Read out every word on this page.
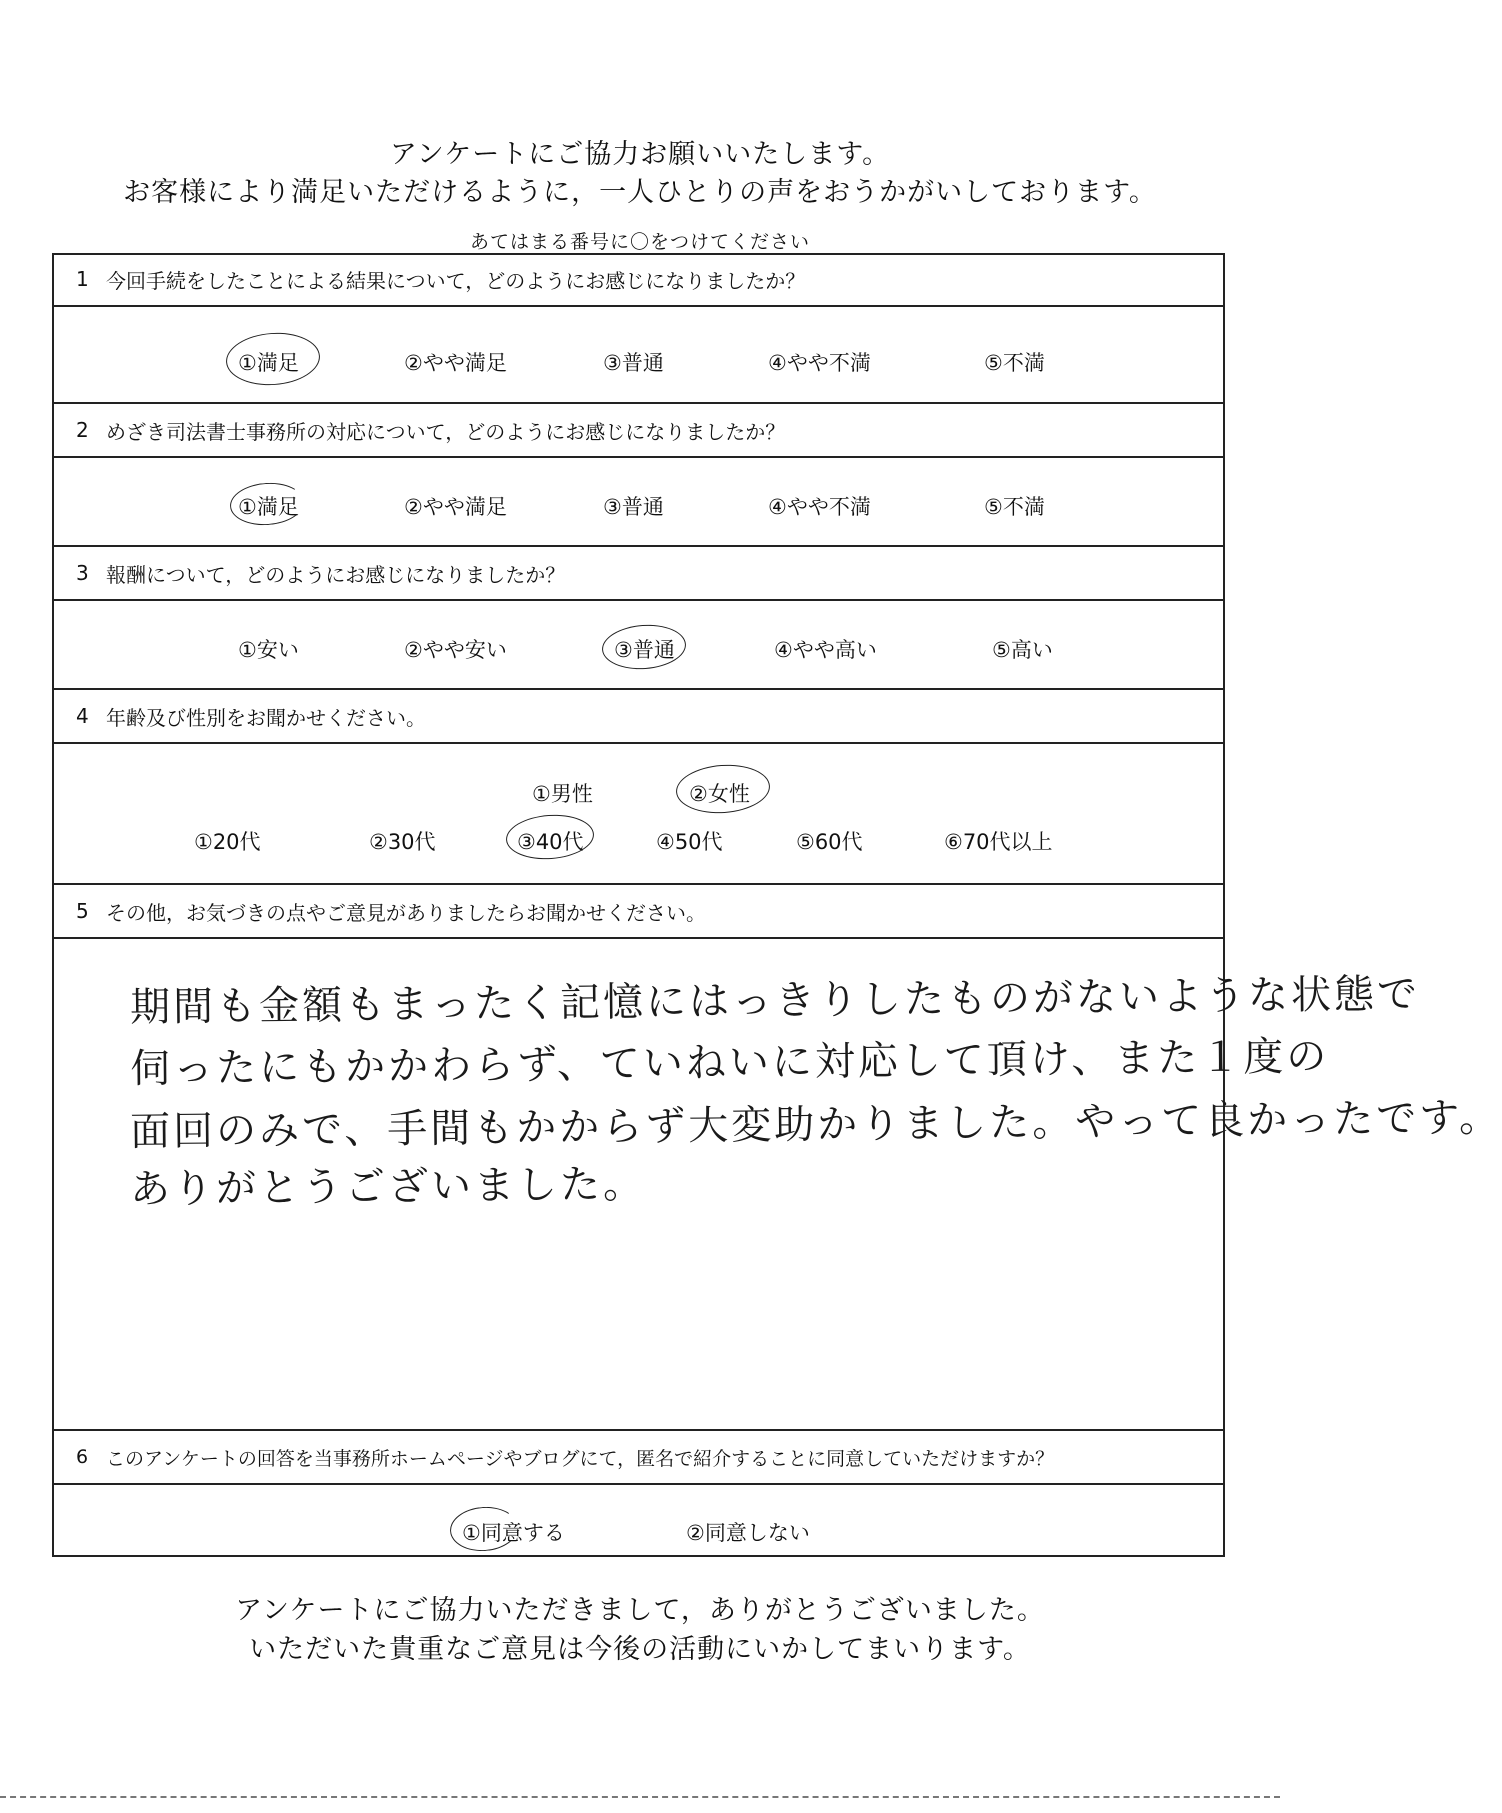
アンケートにご協力お願いいたします。
お客様により満足いただけるように，一人ひとりの声をおうかがいしております。
あてはまる番号に〇をつけてください
1 今回手続をしたことによる結果について，どのようにお感じになりましたか？
①満足	②やや満足	③普通	④やや不満	⑤不満
2 めざき司法書士事務所の対応について，どのようにお感じになりましたか？
①満足	②やや満足	③普通	④やや不満	⑤不満
3 報酬について，どのようにお感じになりましたか？
①安い	②やや安い	③普通	④やや高い	⑤高い
4 年齢及び性別をお聞かせください。
①男性	②女性
①20代	②30代	③40代	④50代	⑤60代	⑥70代以上
5 その他，お気づきの点やご意見がありましたらお聞かせください。
期間も金額もまったく記憶にはっきりしたものがないような状態で
伺ったにもかかわらず、ていねいに対応して頂け、また１度の
面回のみで、手間もかからず大変助かりました。やって良かったです。
ありがとうございました。
6 このアンケートの回答を当事務所ホームページやブログにて，匿名で紹介することに同意していただけますか？
①同意する	②同意しない
アンケートにご協力いただきまして，ありがとうございました。
いただいた貴重なご意見は今後の活動にいかしてまいります。
